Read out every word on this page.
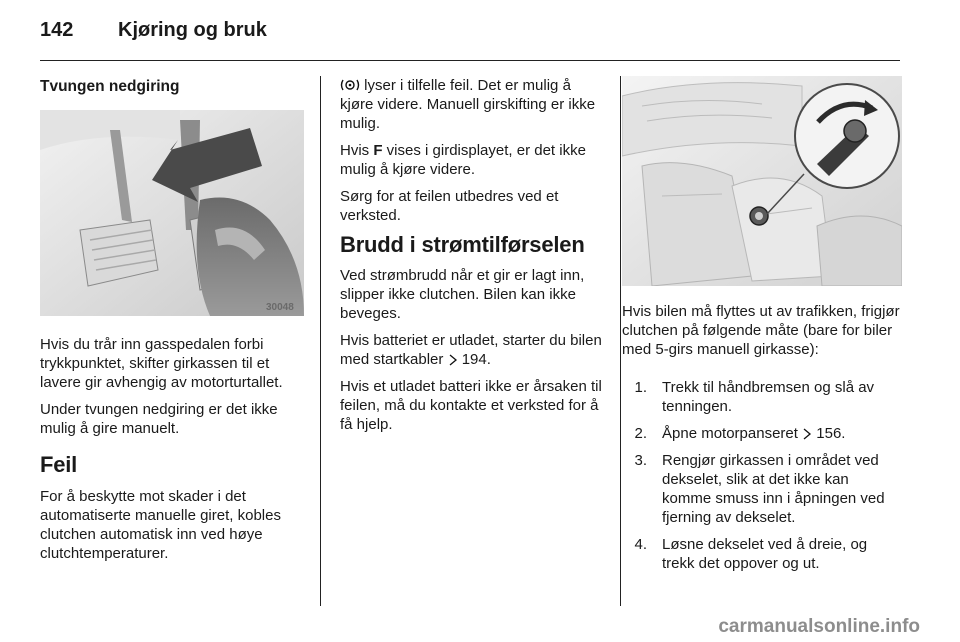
142 Kjøring og bruk
Tvungen nedgiring
30048

Hvis du trår inn gasspedalen forbi trykkpunktet, skifter girkassen til et lavere gir avhengig av motorturtallet.

Under tvungen nedgiring er det ikke mulig å gire manuelt.

Feil

For å beskytte mot skader i det automatiserte manuelle giret, kobles clutchen automatisk inn ved høye clutchtemperaturer.

lyser i tilfelle feil. Det er mulig å kjøre videre. Manuell girskifting er ikke mulig.

Hvis F vises i girdisplayet, er det ikke mulig å kjøre videre.

Sørg for at feilen utbedres ved et verksted.

Brudd i strømtilførselen

Ved strømbrudd når et gir er lagt inn, slipper ikke clutchen. Bilen kan ikke beveges.

Hvis batteriet er utladet, starter du bilen med startkabler  194.

Hvis et utladet batteri ikke er årsaken til feilen, må du kontakte et verksted for å få hjelp.

Hvis bilen må flyttes ut av trafikken, frigjør clutchen på følgende måte (bare for biler med 5-girs manuell girkasse):

1. Trekk til håndbremsen og slå av tenningen.
2. Åpne motorpanseret  156.
3. Rengjør girkassen i området ved dekselet, slik at det ikke kan komme smuss inn i åpningen ved fjerning av dekselet.
4. Løsne dekselet ved å dreie, og trekk det oppover og ut.
carmanualsonline.info
